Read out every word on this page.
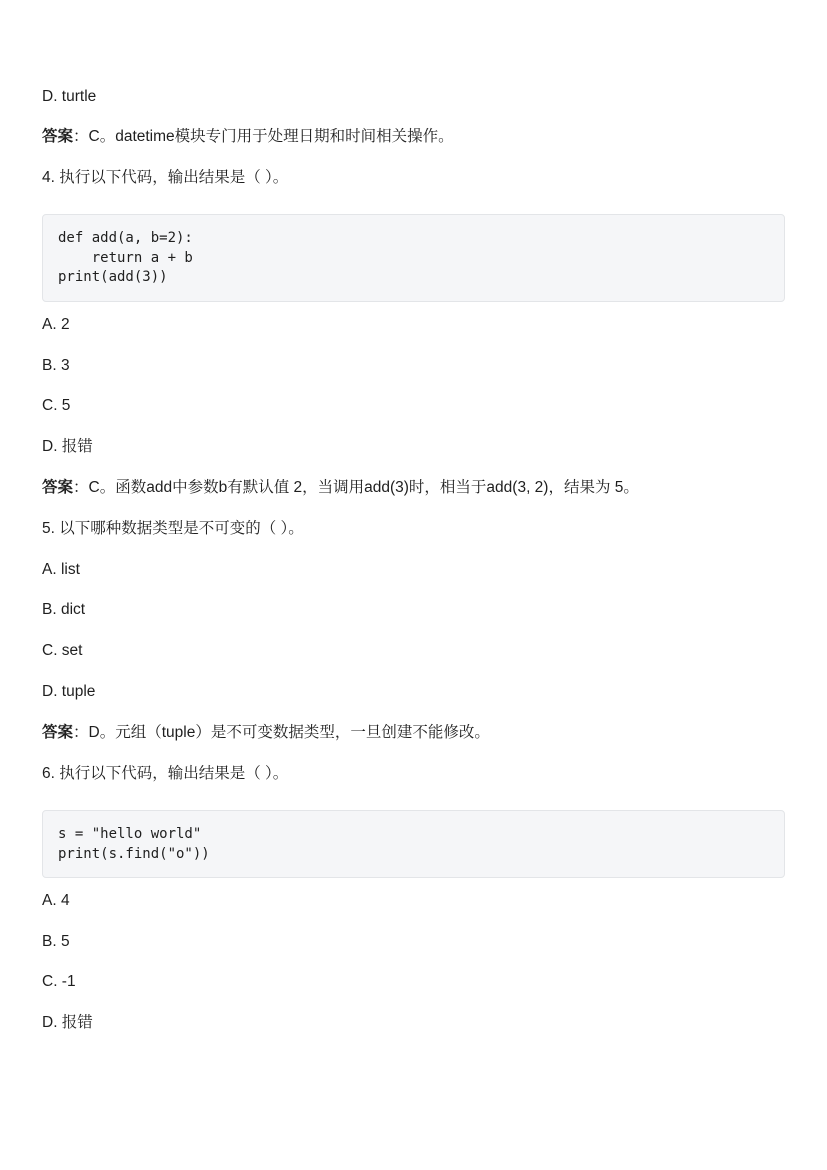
D. turtle
答案：C。datetime模块专门用于处理日期和时间相关操作。
4. 执行以下代码，输出结果是（ ）。
def add(a, b=2):
return a + b
print(add(3))
A. 2
B. 3
C. 5
D. 报错
答案：C。函数add中参数b有默认值 2，当调用add(3)时，相当于add(3, 2)，结果为 5。
5. 以下哪种数据类型是不可变的（ ）。
A. list
B. dict
C. set
D. tuple
答案：D。元组（tuple）是不可变数据类型，一旦创建不能修改。
6. 执行以下代码，输出结果是（ ）。
s = "hello world"
print(s.find("o"))
A. 4
B. 5
C. -1
D. 报错
